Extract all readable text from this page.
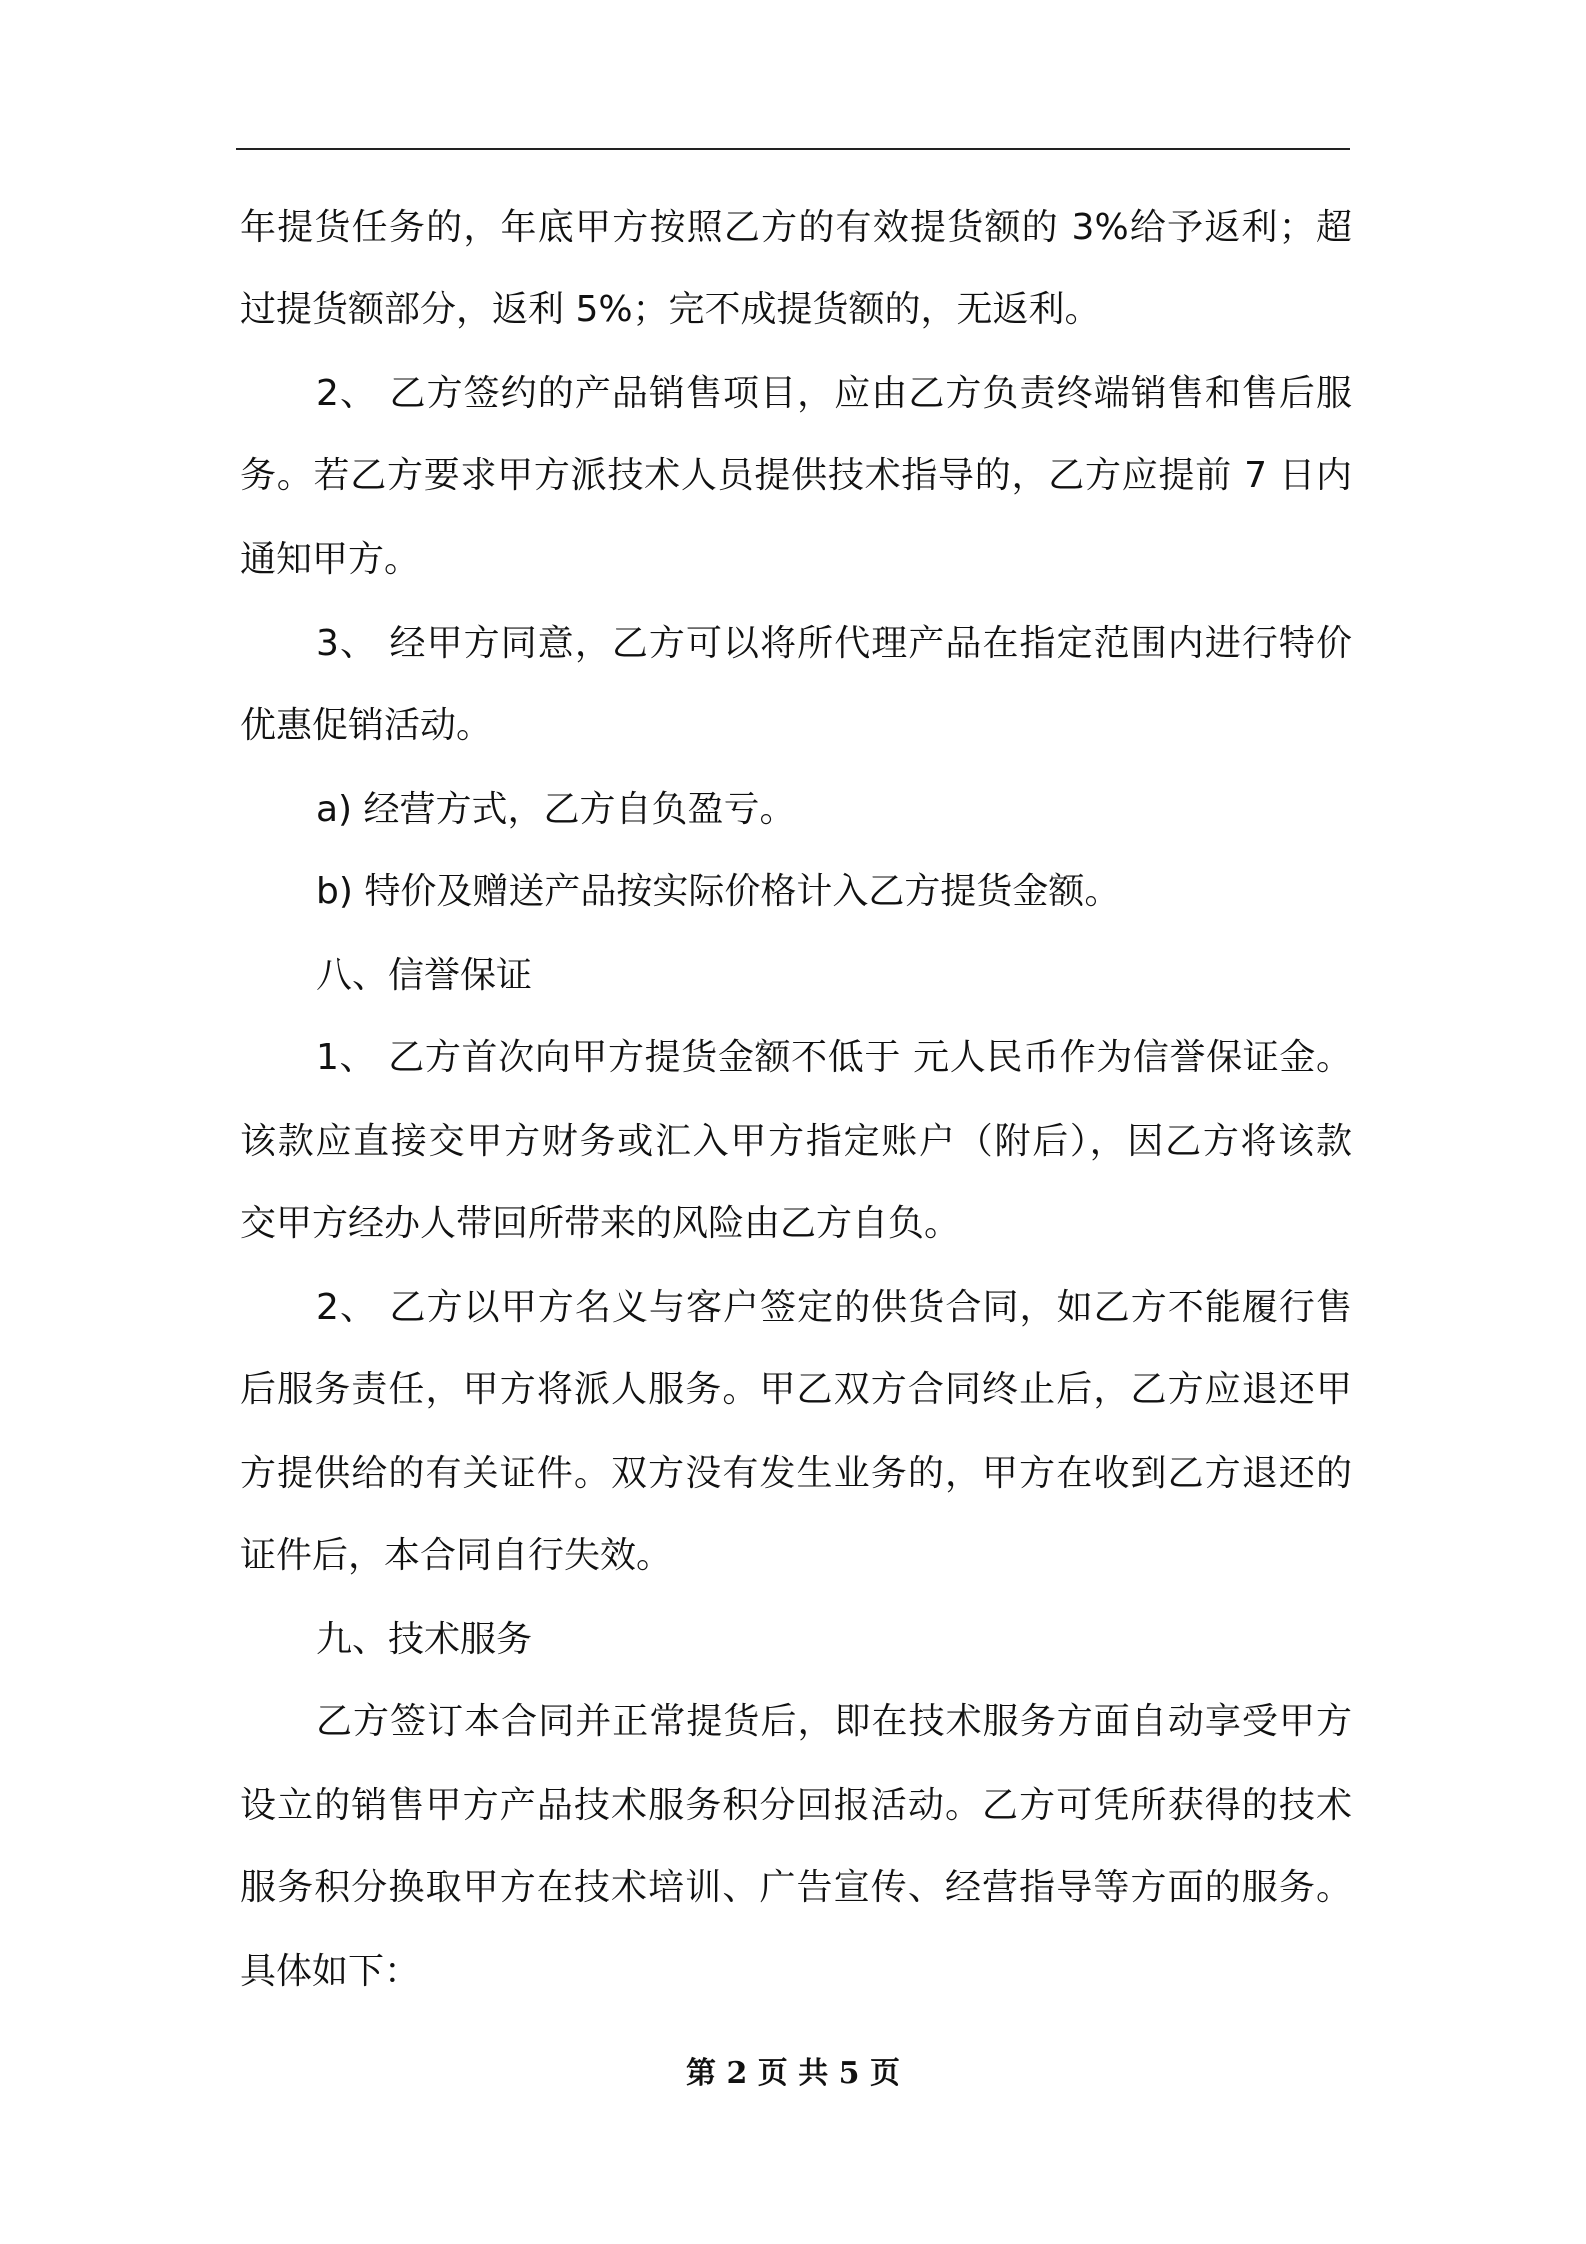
年提货任务的，年底甲方按照乙方的有效提货额的 3%给予返利；超
过提货额部分，返利 5%；完不成提货额的，无返利。
2、 乙方签约的产品销售项目，应由乙方负责终端销售和售后服
务。若乙方要求甲方派技术人员提供技术指导的，乙方应提前 7 日内
通知甲方。
3、 经甲方同意，乙方可以将所代理产品在指定范围内进行特价
优惠促销活动。
a) 经营方式，乙方自负盈亏。
b) 特价及赠送产品按实际价格计入乙方提货金额。
八、信誉保证
1、 乙方首次向甲方提货金额不低于 元人民币作为信誉保证金。
该款应直接交甲方财务或汇入甲方指定账户（附后），因乙方将该款
交甲方经办人带回所带来的风险由乙方自负。
2、 乙方以甲方名义与客户签定的供货合同，如乙方不能履行售
后服务责任，甲方将派人服务。甲乙双方合同终止后，乙方应退还甲
方提供给的有关证件。双方没有发生业务的，甲方在收到乙方退还的
证件后，本合同自行失效。
九、技术服务
乙方签订本合同并正常提货后，即在技术服务方面自动享受甲方
设立的销售甲方产品技术服务积分回报活动。乙方可凭所获得的技术
服务积分换取甲方在技术培训、广告宣传、经营指导等方面的服务。
具体如下：
第 2 页 共 5 页
